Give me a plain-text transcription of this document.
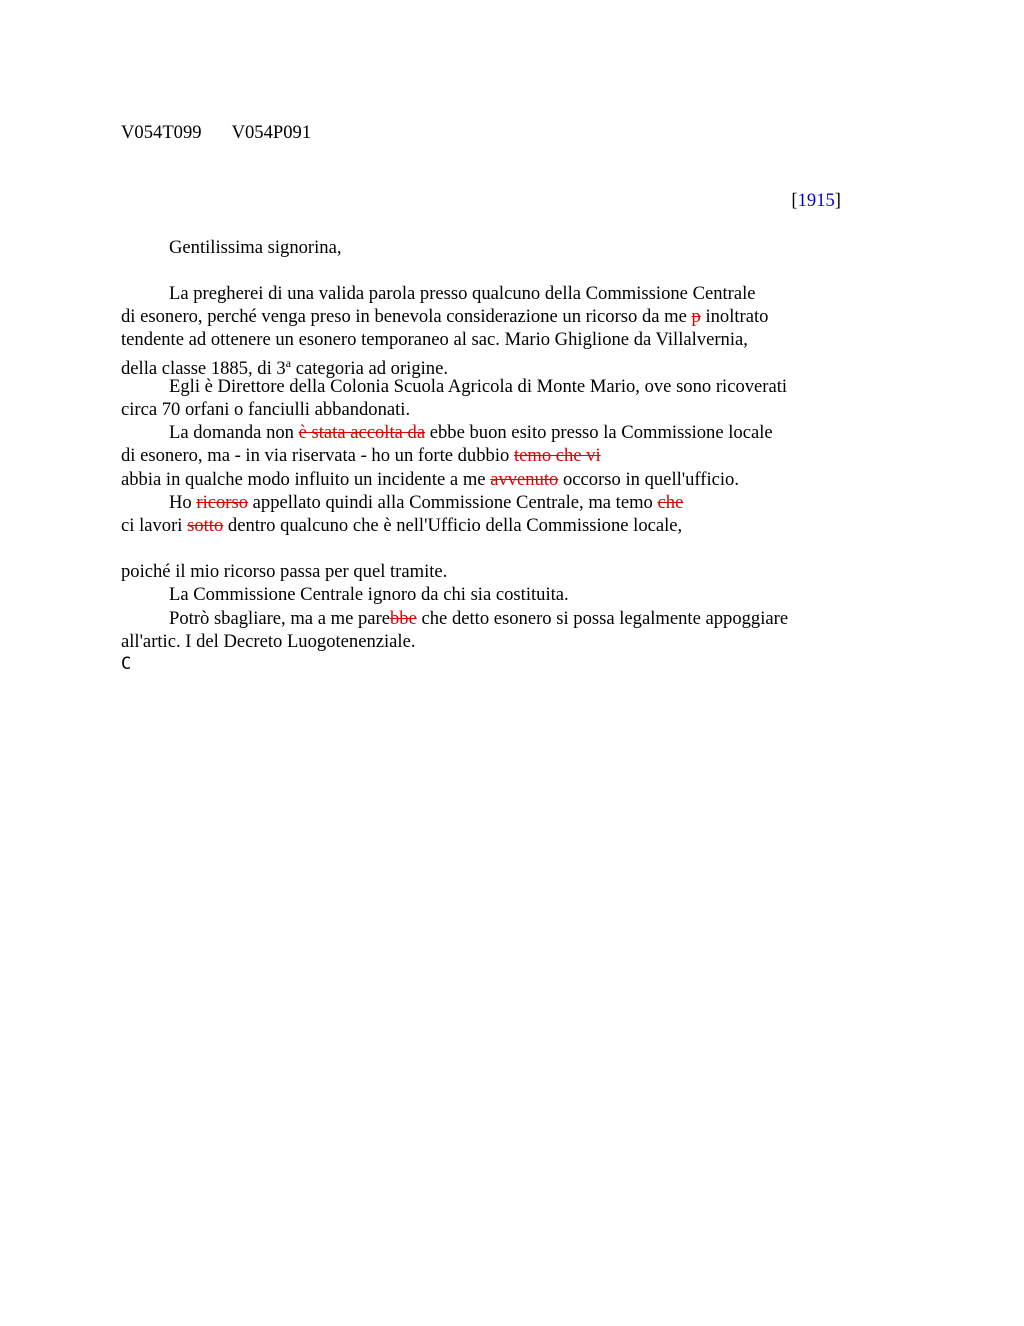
V054T099 V054P091
[1915]
Gentilissima signorina,
La pregherei di una valida parola presso qualcuno della Commissione Centrale
di esonero, perché venga preso in benevola considerazione un ricorso da me p inoltrato
tendente ad ottenere un esonero temporaneo al sac. Mario Ghiglione da Villalvernia,
della classe 1885, di 3$^a$ categoria ad origine.
Egli è Direttore della Colonia Scuola Agricola di Monte Mario, ove sono ricoverati
circa 70 orfani o fanciulli abbandonati.
La domanda non è stata accolta da ebbe buon esito presso la Commissione locale
di esonero, ma - in via riservata - ho un forte dubbio temo che vi
abbia in qualche modo influito un incidente a me avvenuto occorso in quell'ufficio.
Ho ricorso appellato quindi alla Commissione Centrale, ma temo che
ci lavori sotto dentro qualcuno che è nell'Ufficio della Commissione locale,
poiché il mio ricorso passa per quel tramite.
La Commissione Centrale ignoro da chi sia costituita.
Potrò sbagliare, ma a me parebbe che detto esonero si possa legalmente appoggiare
all'artic. I del Decreto Luogotenenziale.
C
